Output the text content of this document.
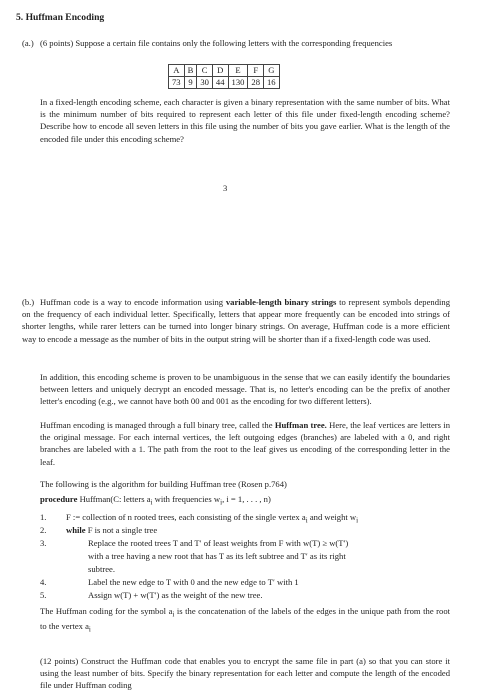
5. Huffman Encoding
(a.) (6 points) Suppose a certain file contains only the following letters with the corresponding frequencies
A	B	C	D	E	F	G
73	9	30	44	130	28	16
In a fixed-length encoding scheme, each character is given a binary representation with the same number of bits. What is the minimum number of bits required to represent each letter of this file under fixed-length encoding scheme? Describe how to encode all seven letters in this file using the number of bits you gave earlier. What is the length of the encoded file under this encoding scheme?
3
(b.) Huffman code is a way to encode information using variable-length binary strings to represent symbols depending on the frequency of each individual letter. Specifically, letters that appear more frequently can be encoded into strings of shorter lengths, while rarer letters can be turned into longer binary strings. On average, Huffman code is a more efficient way to encode a message as the number of bits in the output string will be shorter than if a fixed-length code was used.
In addition, this encoding scheme is proven to be unambiguous in the sense that we can easily identify the boundaries between letters and uniquely decrypt an encoded message. That is, no letter's encoding can be the prefix of another letter's encoding (e.g., we cannot have both 00 and 001 as the encoding for two different letters).
Huffman encoding is managed through a full binary tree, called the Huffman tree. Here, the leaf vertices are letters in the original message. For each internal vertices, the left outgoing edges (branches) are labeled with a 0, and right branches are labeled with a 1. The path from the root to the leaf gives us encoding of the corresponding letter in the leaf.
The following is the algorithm for building Huffman tree (Rosen p.764)
procedure Huffman(C: letters $a_i$ with frequencies $w_i$, i = 1, . . . , n)
1. F := collection of n rooted trees, each consisting of the single vertex $a_i$ and weight $w_i$
2. while F is not a single tree
3.	Replace the rooted trees T and T′ of least weights from F with w(T) ≥ w(T′)
with a tree having a new root that has T as its left subtree and T′ as its right
subtree.
4.	Label the new edge to T with 0 and the new edge to T′ with 1
5.	Assign w(T) + w(T′) as the weight of the new tree.
The Huffman coding for the symbol $a_i$ is the concatenation of the labels of the edges in the unique path from the root to the vertex $a_i$
(12 points) Construct the Huffman code that enables you to encrypt the same file in part (a) so that you can store it using the least number of bits. Specify the binary representation for each letter and compute the length of the encoded file under Huffman coding
